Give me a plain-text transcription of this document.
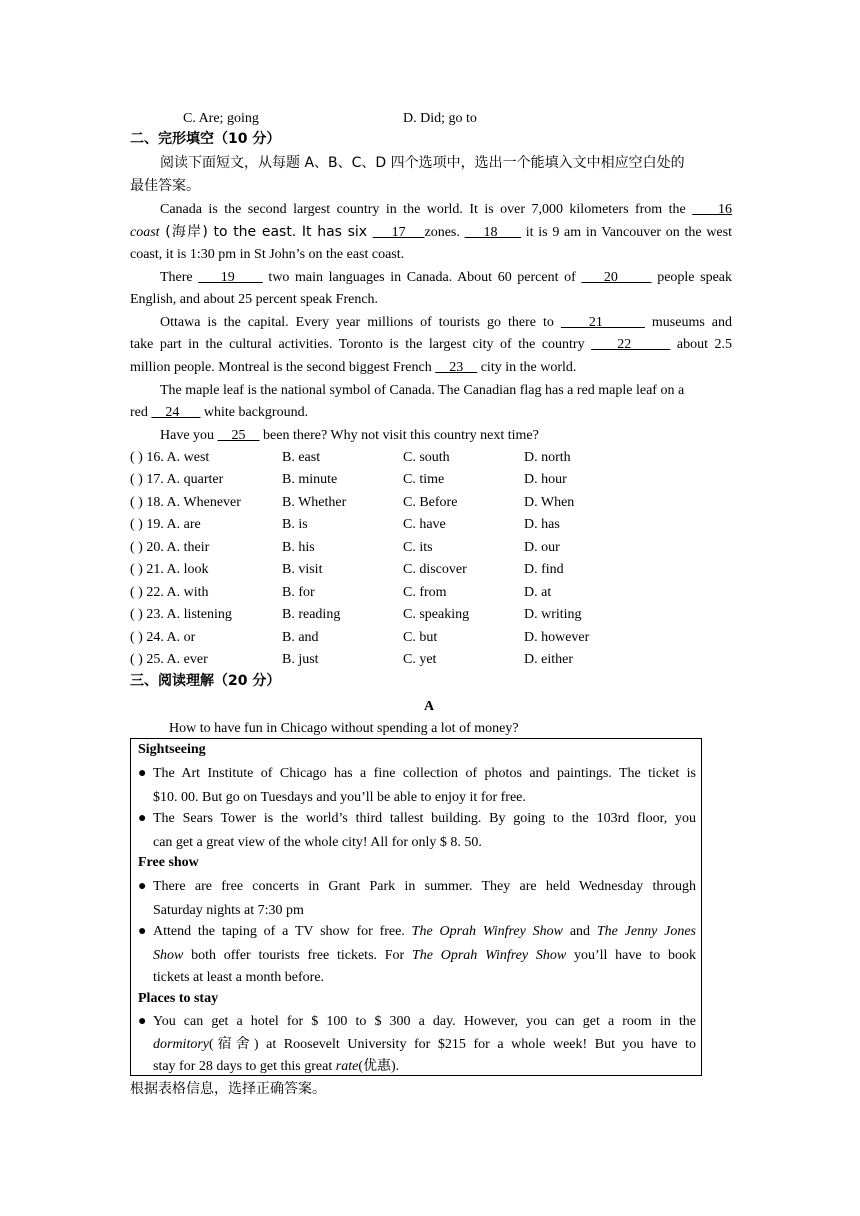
C. Are; going	D. Did; go to
二、完形填空（10 分）
阅读下面短文，从每题 A、B、C、D 四个选项中，选出一个能填入文中相应空白处的
最佳答案。
Canada is the second largest country in the world. It is over 7,000 kilometers from the     16
coast (海岸) to the east. It has six     17    zones.     18      it is 9 am in Vancouver on the west
coast, it is 1:30 pm in St John’s on the east coast.
There     19      two main languages in Canada. About 60 percent of     20       people speak
English, and about 25 percent speak French.
Ottawa is the capital. Every year millions of tourists go there to     21       museums and
take part in the cultural activities. Toronto is the largest city of the country     22       about 2.5
million people. Montreal is the second biggest French     23     city in the world.
The maple leaf is the national symbol of Canada. The Canadian flag has a red maple leaf on a
red     24    _ white background.
Have you     25     been there? Why not visit this country next time?
( ) 16. A. west	B. east	C. south	D. north
( ) 17. A. quarter	B. minute	C. time	D. hour
( ) 18. A. Whenever	B. Whether	C. Before	D. When
( ) 19. A. are	B. is	C. have	D. has
( ) 20. A. their	B. his	C. its	D. our
( ) 21. A. look	B. visit	C. discover	D. find
( ) 22. A. with	B. for	C. from	D. at
( ) 23. A. listening	B. reading	C. speaking	D. writing
( ) 24. A. or	B. and	C. but	D. however
( ) 25. A. ever	B. just	C. yet	D. either
三、阅读理解（20 分）
A
How to have fun in Chicago without spending a lot of money?
Sightseeing
● The Art Institute of Chicago has a fine collection of photos and paintings. The ticket is
$10. 00. But go on Tuesdays and you’ll be able to enjoy it for free.
● The Sears Tower is the world’s third tallest building. By going to the 103rd floor, you
can get a great view of the whole city! All for only $ 8. 50.
Free show
● There are free concerts in Grant Park in summer. They are held Wednesday through
Saturday nights at 7:30 pm
● Attend the taping of a TV show for free. The Oprah Winfrey Show and The Jenny Jones
Show both offer tourists free tickets. For The Oprah Winfrey Show you’ll have to book
tickets at least a month before.
Places to stay
● You can get a hotel for $ 100 to $ 300 a day. However, you can get a room in the
dormitory(宿舍) at Roosevelt University for $215 for a whole week! But you have to
stay for 28 days to get this great rate(优惠).
根据表格信息，选择正确答案。
